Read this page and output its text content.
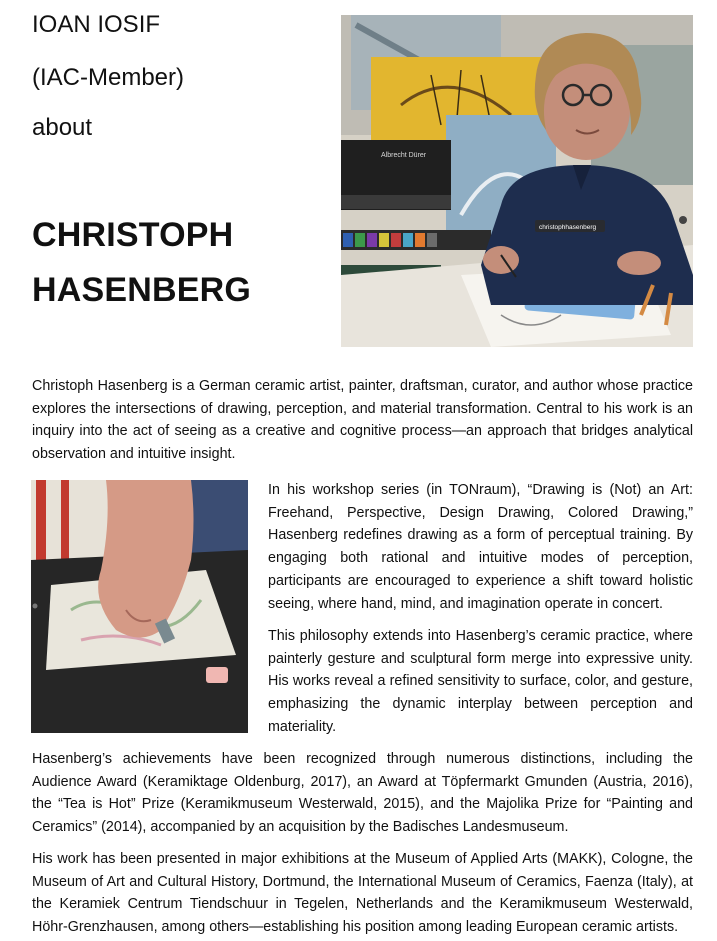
IOAN IOSIF
(IAC-Member)
about
CHRISTOPH
HASENBERG
Albrecht Dürer
christophhasenberg

Christoph Hasenberg is a German ceramic artist, painter, draftsman, curator, and author whose practice explores the intersections of drawing, perception, and material transformation. Central to his work is an inquiry into the act of seeing as a creative and cognitive process—an approach that bridges analytical observation and intuitive insight.

In his workshop series (in TONraum), “Drawing is (Not) an Art: Freehand, Perspective, Design Drawing, Colored Drawing,” Hasenberg redefines drawing as a form of perceptual training. By engaging both rational and intuitive modes of perception, participants are encouraged to experience a shift toward holistic seeing, where hand, mind, and imagination operate in concert.

This philosophy extends into Hasenberg’s ceramic practice, where painterly gesture and sculptural form merge into expressive unity. His works reveal a refined sensitivity to surface, color, and gesture, emphasizing the dynamic interplay between perception and materiality.

Hasenberg’s achievements have been recognized through numerous distinctions, including the Audience Award (Keramiktage Oldenburg, 2017), an Award at Töpfermarkt Gmunden (Austria, 2016), the “Tea is Hot” Prize (Keramikmuseum Westerwald, 2015), and the Majolika Prize for “Painting and Ceramics” (2014), accompanied by an acquisition by the Badisches Landesmuseum.

His work has been presented in major exhibitions at the Museum of Applied Arts (MAKK), Cologne, the Museum of Art and Cultural History, Dortmund, the International Museum of Ceramics, Faenza (Italy), at the Keramiek Centrum Tiendschuur in Tegelen, Netherlands and the Keramikmuseum Westerwald, Höhr-Grenzhausen, among others—establishing his position among leading European ceramic artists.
